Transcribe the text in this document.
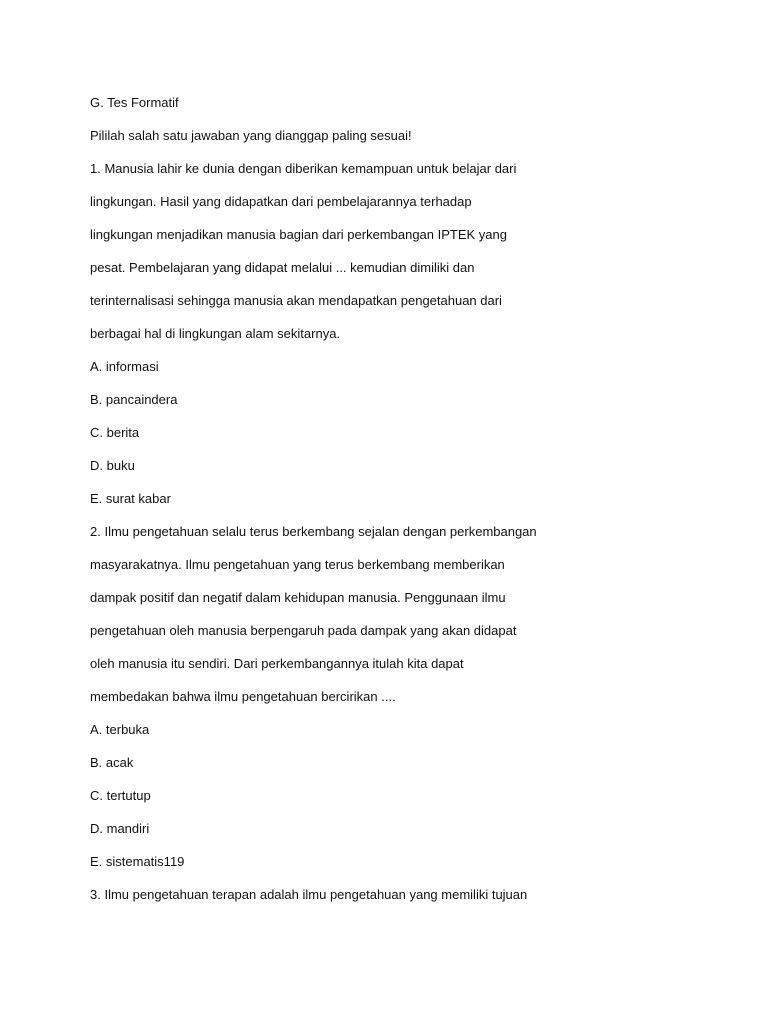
G. Tes Formatif
Pililah salah satu jawaban yang dianggap paling sesuai!
1. Manusia lahir ke dunia dengan diberikan kemampuan untuk belajar dari
lingkungan. Hasil yang didapatkan dari pembelajarannya terhadap
lingkungan menjadikan manusia bagian dari perkembangan IPTEK yang
pesat. Pembelajaran yang didapat melalui ... kemudian dimiliki dan
terinternalisasi sehingga manusia akan mendapatkan pengetahuan dari
berbagai hal di lingkungan alam sekitarnya.
A. informasi
B. pancaindera
C. berita
D. buku
E. surat kabar
2. Ilmu pengetahuan selalu terus berkembang sejalan dengan perkembangan
masyarakatnya. Ilmu pengetahuan yang terus berkembang memberikan
dampak positif dan negatif dalam kehidupan manusia. Penggunaan ilmu
pengetahuan oleh manusia berpengaruh pada dampak yang akan didapat
oleh manusia itu sendiri. Dari perkembangannya itulah kita dapat
membedakan bahwa ilmu pengetahuan bercirikan ....
A. terbuka
B. acak
C. tertutup
D. mandiri
E. sistematis119
3. Ilmu pengetahuan terapan adalah ilmu pengetahuan yang memiliki tujuan
